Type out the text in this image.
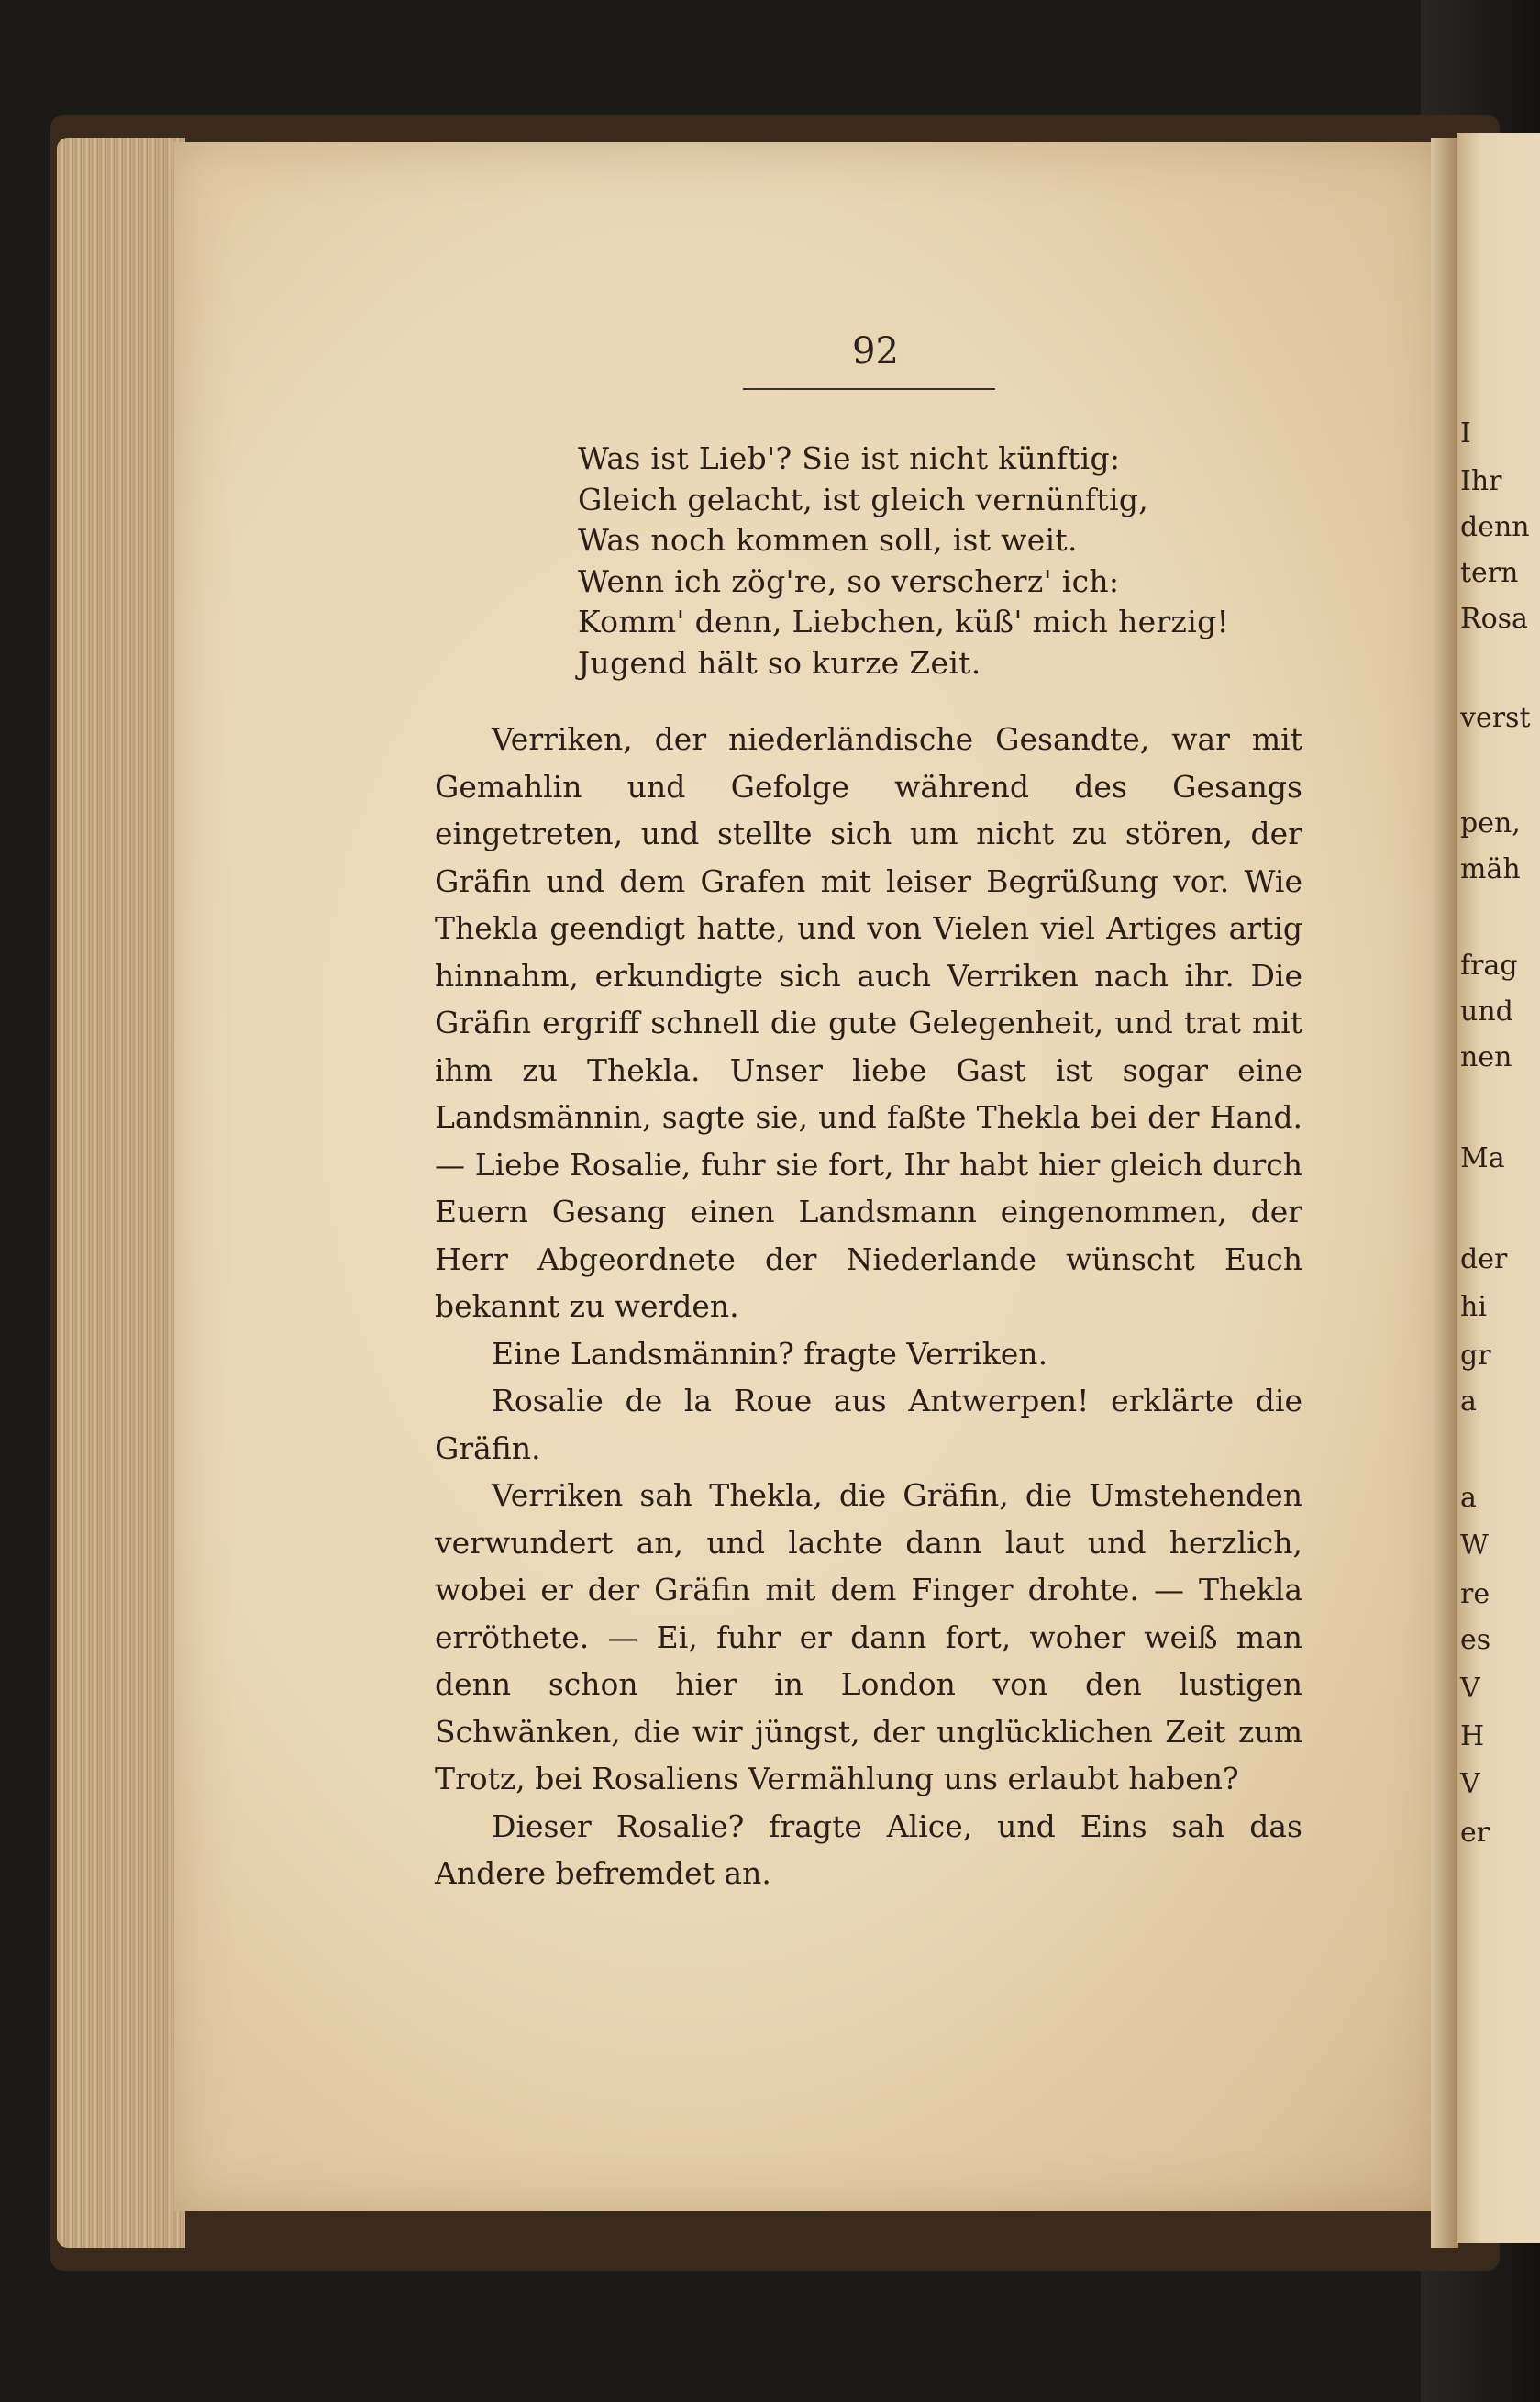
I
Ihr
denn
tern
Rosa
verst
pen,
mäh
frag
und
nen
Ma
der
hi
gr
a
a
W
re
es
V
H
V
er
92
Was ist Lieb'? Sie ist nicht künftig:
Gleich gelacht, ist gleich vernünftig,
Was noch kommen soll, ist weit.
Wenn ich zög're, so verscherz' ich:
Komm' denn, Liebchen, küß' mich herzig!
Jugend hält so kurze Zeit.

Verriken, der niederländische Gesandte, war mit Gemahlin und Gefolge während des Gesangs eingetreten, und stellte sich um nicht zu stören, der Gräfin und dem Grafen mit leiser Begrüßung vor. Wie Thekla geendigt hatte, und von Vielen viel Artiges artig hinnahm, erkundigte sich auch Verriken nach ihr. Die Gräfin ergriff schnell die gute Gelegenheit, und trat mit ihm zu Thekla. Unser liebe Gast ist sogar eine Landsmännin, sagte sie, und faßte Thekla bei der Hand. — Liebe Rosalie, fuhr sie fort, Ihr habt hier gleich durch Euern Gesang einen Landsmann eingenommen, der Herr Abgeordnete der Niederlande wünscht Euch bekannt zu werden.

Eine Landsmännin? fragte Verriken.

Rosalie de la Roue aus Antwerpen! erklärte die Gräfin.

Verriken sah Thekla, die Gräfin, die Umstehenden verwundert an, und lachte dann laut und herzlich, wobei er der Gräfin mit dem Finger drohte. — Thekla erröthete. — Ei, fuhr er dann fort, woher weiß man denn schon hier in London von den lustigen Schwänken, die wir jüngst, der unglücklichen Zeit zum Trotz, bei Rosaliens Vermählung uns erlaubt haben?

Dieser Rosalie? fragte Alice, und Eins sah das Andere befremdet an.
